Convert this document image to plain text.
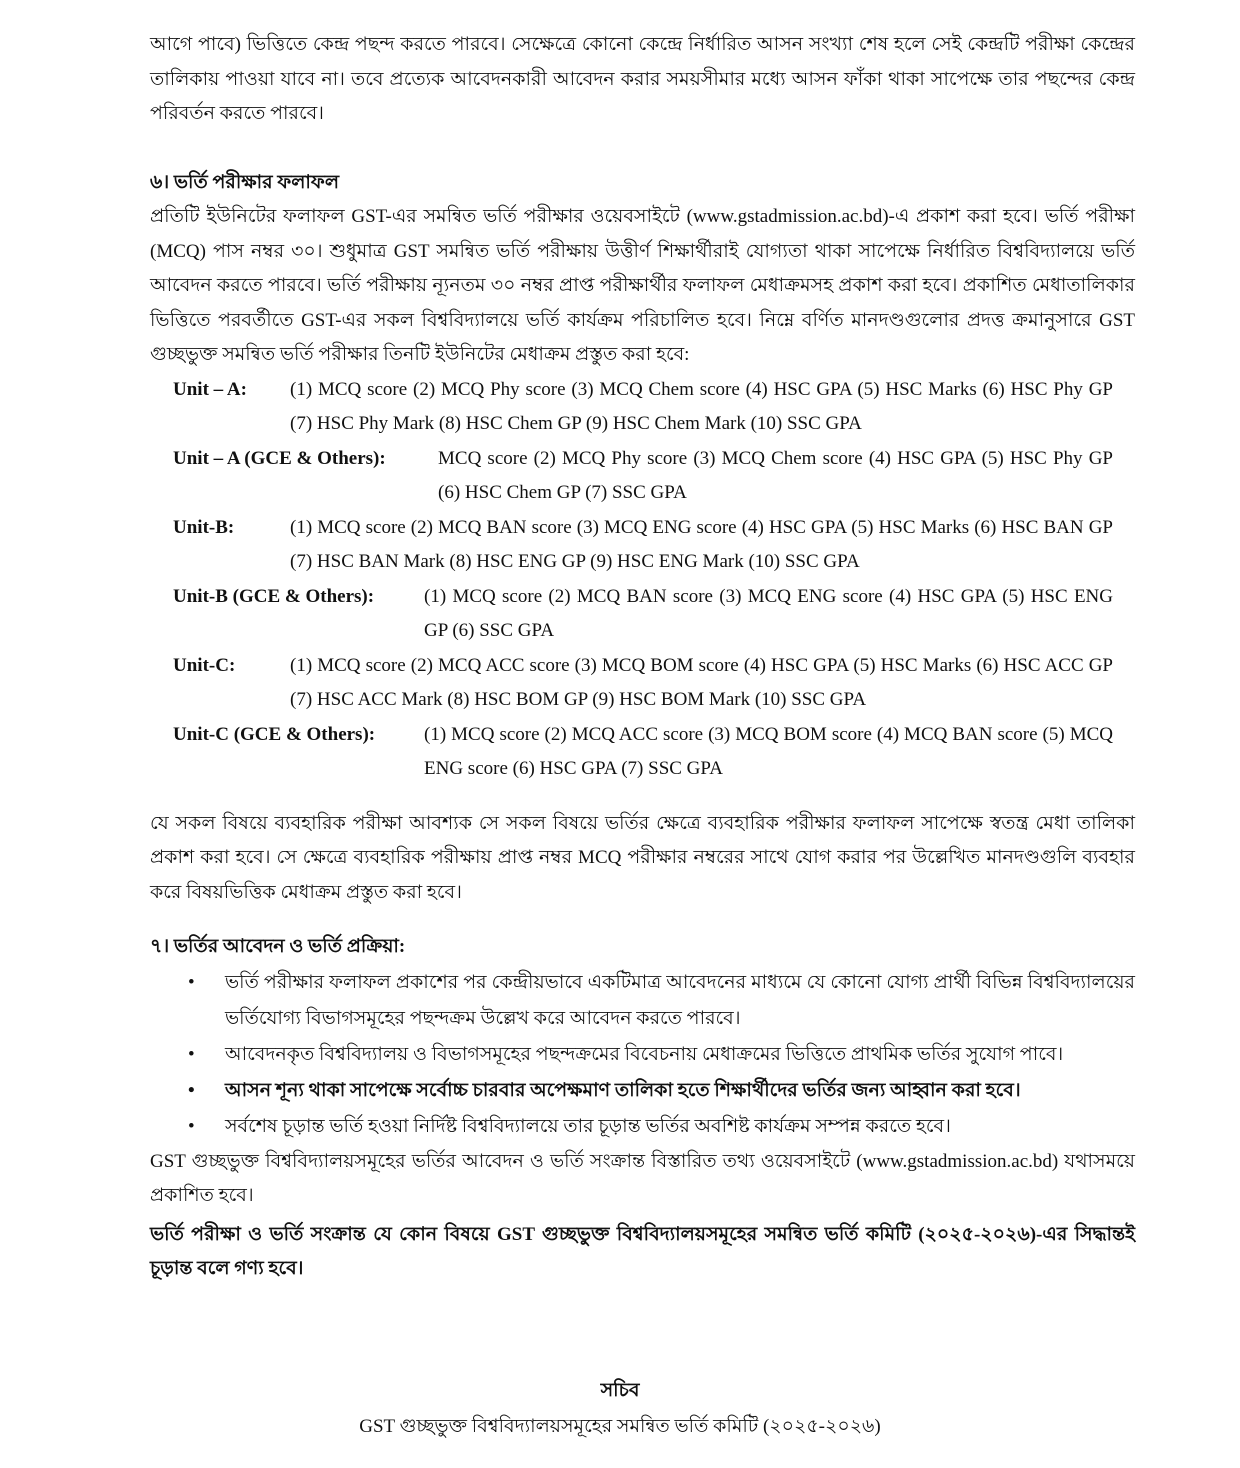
আগে পাবে) ভিত্তিতে কেন্দ্র পছন্দ করতে পারবে। সেক্ষেত্রে কোনো কেন্দ্রে নির্ধারিত আসন সংখ্যা শেষ হলে সেই কেন্দ্রটি পরীক্ষা কেন্দ্রের তালিকায় পাওয়া যাবে না। তবে প্রত্যেক আবেদনকারী আবেদন করার সময়সীমার মধ্যে আসন ফাঁকা থাকা সাপেক্ষে তার পছন্দের কেন্দ্র পরিবর্তন করতে পারবে।

৬। ভর্তি পরীক্ষার ফলাফল

প্রতিটি ইউনিটের ফলাফল GST-এর সমন্বিত ভর্তি পরীক্ষার ওয়েবসাইটে (www.gstadmission.ac.bd)-এ প্রকাশ করা হবে। ভর্তি পরীক্ষা (MCQ) পাস নম্বর ৩০। শুধুমাত্র GST সমন্বিত ভর্তি পরীক্ষায় উত্তীর্ণ শিক্ষার্থীরাই যোগ্যতা থাকা সাপেক্ষে নির্ধারিত বিশ্ববিদ্যালয়ে ভর্তি আবেদন করতে পারবে। ভর্তি পরীক্ষায় ন্যূনতম ৩০ নম্বর প্রাপ্ত পরীক্ষার্থীর ফলাফল মেধাক্রমসহ প্রকাশ করা হবে। প্রকাশিত মেধাতালিকার ভিত্তিতে পরবর্তীতে GST-এর সকল বিশ্ববিদ্যালয়ে ভর্তি কার্যক্রম পরিচালিত হবে। নিম্নে বর্ণিত মানদণ্ডগুলোর প্রদত্ত ক্রমানুসারে GST গুচ্ছভুক্ত সমন্বিত ভর্তি পরীক্ষার তিনটি ইউনিটের মেধাক্রম প্রস্তুত করা হবে:

Unit – A:	(1) MCQ score (2) MCQ Phy score (3) MCQ Chem score (4) HSC GPA (5) HSC Marks (6) HSC Phy GP (7) HSC Phy Mark (8) HSC Chem GP (9) HSC Chem Mark (10) SSC GPA
Unit – A (GCE & Others):	MCQ score (2) MCQ Phy score (3) MCQ Chem score (4) HSC GPA (5) HSC Phy GP (6) HSC Chem GP (7) SSC GPA
Unit-B:	(1) MCQ score (2) MCQ BAN score (3) MCQ ENG score (4) HSC GPA (5) HSC Marks (6) HSC BAN GP (7) HSC BAN Mark (8) HSC ENG GP (9) HSC ENG Mark (10) SSC GPA
Unit-B (GCE & Others):	(1) MCQ score (2) MCQ BAN score (3) MCQ ENG score (4) HSC GPA (5) HSC ENG GP (6) SSC GPA
Unit-C:	(1) MCQ score (2) MCQ ACC score (3) MCQ BOM score (4) HSC GPA (5) HSC Marks (6) HSC ACC GP (7) HSC ACC Mark (8) HSC BOM GP (9) HSC BOM Mark (10) SSC GPA
Unit-C (GCE & Others):	(1) MCQ score (2) MCQ ACC score (3) MCQ BOM score (4) MCQ BAN score (5) MCQ ENG score (6) HSC GPA (7) SSC GPA

যে সকল বিষয়ে ব্যবহারিক পরীক্ষা আবশ্যক সে সকল বিষয়ে ভর্তির ক্ষেত্রে ব্যবহারিক পরীক্ষার ফলাফল সাপেক্ষে স্বতন্ত্র মেধা তালিকা প্রকাশ করা হবে। সে ক্ষেত্রে ব্যবহারিক পরীক্ষায় প্রাপ্ত নম্বর MCQ পরীক্ষার নম্বরের সাথে যোগ করার পর উল্লেখিত মানদণ্ডগুলি ব্যবহার করে বিষয়ভিত্তিক মেধাক্রম প্রস্তুত করা হবে।

৭। ভর্তির আবেদন ও ভর্তি প্রক্রিয়া:
• ভর্তি পরীক্ষার ফলাফল প্রকাশের পর কেন্দ্রীয়ভাবে একটিমাত্র আবেদনের মাধ্যমে যে কোনো যোগ্য প্রার্থী বিভিন্ন বিশ্ববিদ্যালয়ের ভর্তিযোগ্য বিভাগসমূহের পছন্দক্রম উল্লেখ করে আবেদন করতে পারবে।
• আবেদনকৃত বিশ্ববিদ্যালয় ও বিভাগসমূহের পছন্দক্রমের বিবেচনায় মেধাক্রমের ভিত্তিতে প্রাথমিক ভর্তির সুযোগ পাবে।
• আসন শূন্য থাকা সাপেক্ষে সর্বোচ্চ চারবার অপেক্ষমাণ তালিকা হতে শিক্ষার্থীদের ভর্তির জন্য আহ্বান করা হবে।
• সর্বশেষ চূড়ান্ত ভর্তি হওয়া নির্দিষ্ট বিশ্ববিদ্যালয়ে তার চূড়ান্ত ভর্তির অবশিষ্ট কার্যক্রম সম্পন্ন করতে হবে।

GST গুচ্ছভুক্ত বিশ্ববিদ্যালয়সমূহের ভর্তির আবেদন ও ভর্তি সংক্রান্ত বিস্তারিত তথ্য ওয়েবসাইটে (www.gstadmission.ac.bd) যথাসময়ে প্রকাশিত হবে।

ভর্তি পরীক্ষা ও ভর্তি সংক্রান্ত যে কোন বিষয়ে GST গুচ্ছভুক্ত বিশ্ববিদ্যালয়সমূহের সমন্বিত ভর্তি কমিটি (২০২৫-২০২৬)-এর সিদ্ধান্তই চূড়ান্ত বলে গণ্য হবে।

সচিব
GST গুচ্ছভুক্ত বিশ্ববিদ্যালয়সমূহের সমন্বিত ভর্তি কমিটি (২০২৫-২০২৬)
